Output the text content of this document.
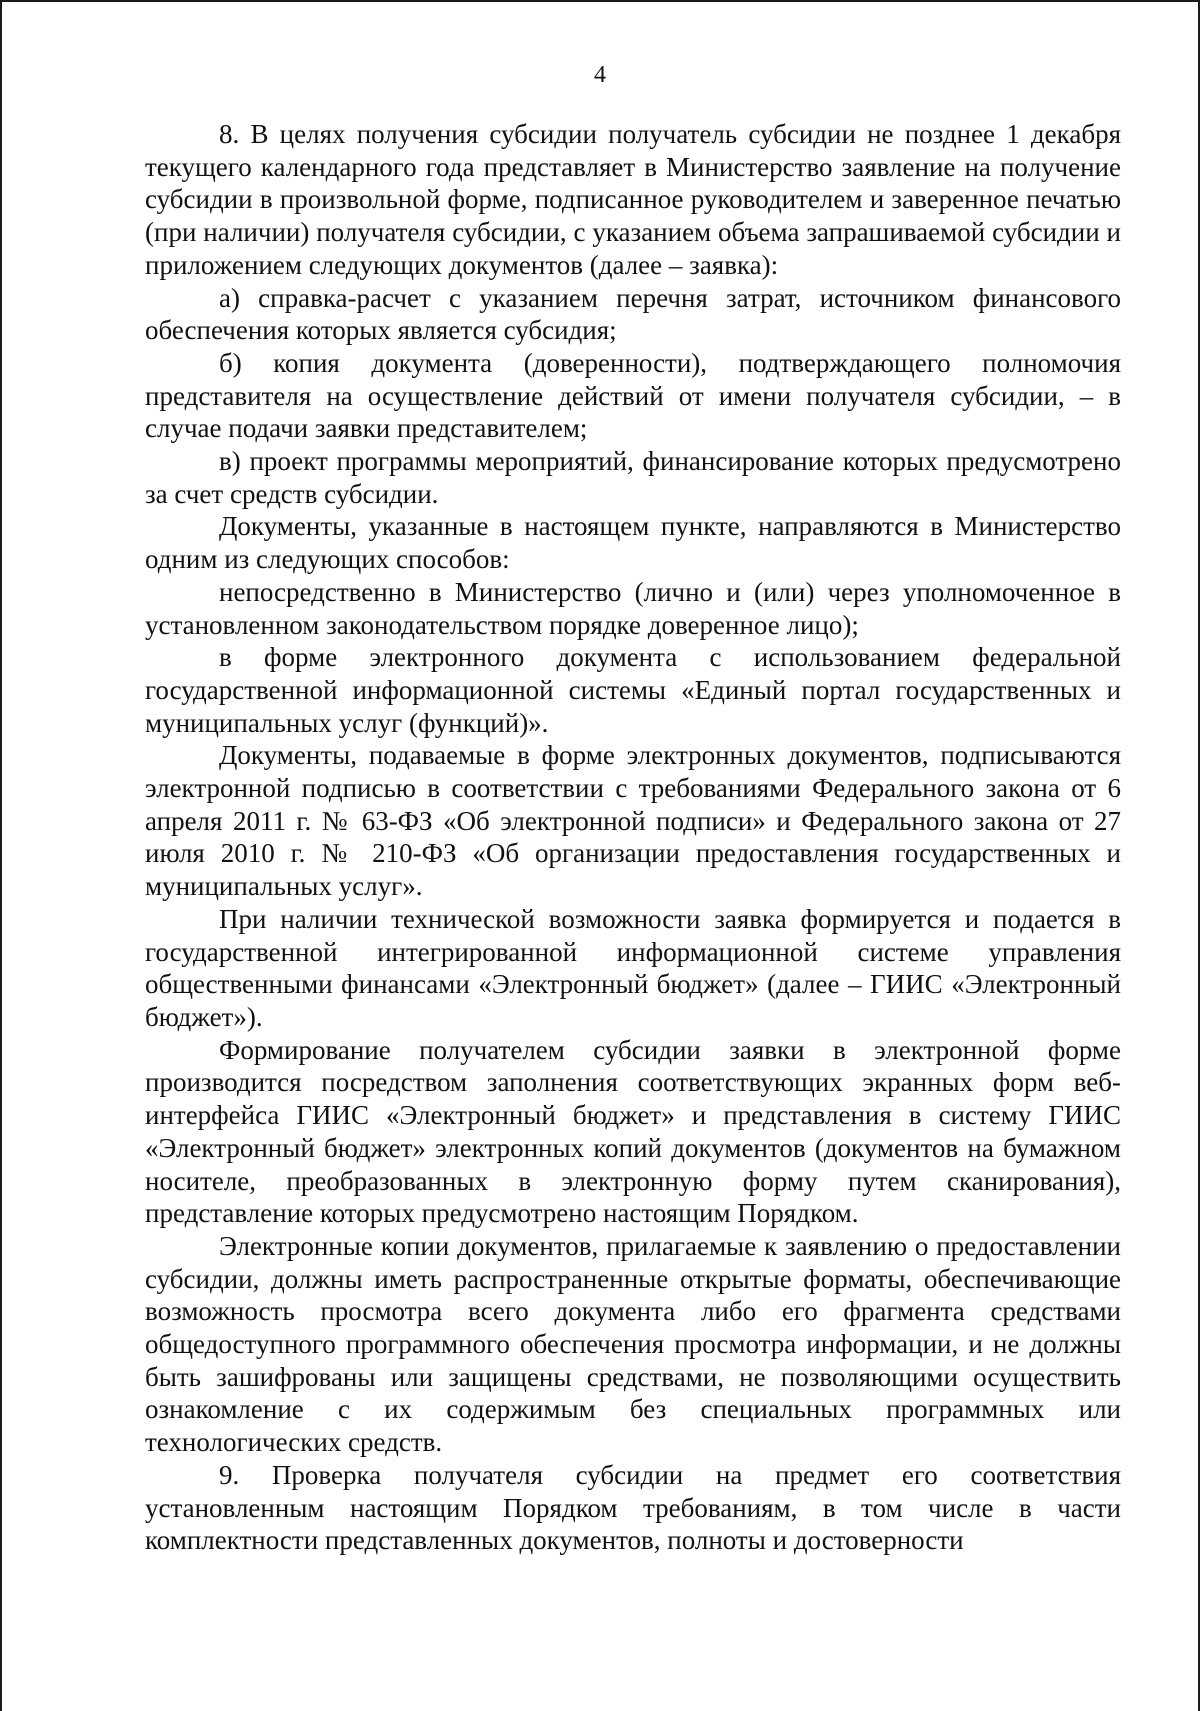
4

8. В целях получения субсидии получатель субсидии не позднее 1 декабря текущего календарного года представляет в Министерство заявление на получение субсидии в произвольной форме, подписанное руководителем и заверенное печатью (при наличии) получателя субсидии, с указанием объема запрашиваемой субсидии и приложением следующих документов (далее – заявка):

а) справка-расчет с указанием перечня затрат, источником финансового обеспечения которых является субсидия;

б) копия документа (доверенности), подтверждающего полномочия представителя на осуществление действий от имени получателя субсидии, – в случае подачи заявки представителем;

в) проект программы мероприятий, финансирование которых предусмотрено за счет средств субсидии.

Документы, указанные в настоящем пункте, направляются в Министерство одним из следующих способов:

непосредственно в Министерство (лично и (или) через уполномоченное в установленном законодательством порядке доверенное лицо);

в форме электронного документа с использованием федеральной государственной информационной системы «Единый портал государственных и муниципальных услуг (функций)».

Документы, подаваемые в форме электронных документов, подписываются электронной подписью в соответствии с требованиями Федерального закона от 6 апреля 2011 г. № 63-ФЗ «Об электронной подписи» и Федерального закона от 27 июля 2010 г. № 210-ФЗ «Об организации предоставления государственных и муниципальных услуг».

При наличии технической возможности заявка формируется и подается в государственной интегрированной информационной системе управления общественными финансами «Электронный бюджет» (далее – ГИИС «Электронный бюджет»).

Формирование получателем субсидии заявки в электронной форме производится посредством заполнения соответствующих экранных форм веб-интерфейса ГИИС «Электронный бюджет» и представления в систему ГИИС «Электронный бюджет» электронных копий документов (документов на бумажном носителе, преобразованных в электронную форму путем сканирования), представление которых предусмотрено настоящим Порядком.

Электронные копии документов, прилагаемые к заявлению о предоставлении субсидии, должны иметь распространенные открытые форматы, обеспечивающие возможность просмотра всего документа либо его фрагмента средствами общедоступного программного обеспечения просмотра информации, и не должны быть зашифрованы или защищены средствами, не позволяющими осуществить ознакомление с их содержимым без специальных программных или технологических средств.

9. Проверка получателя субсидии на предмет его соответствия установленным настоящим Порядком требованиям, в том числе в части комплектности представленных документов, полноты и достоверности
